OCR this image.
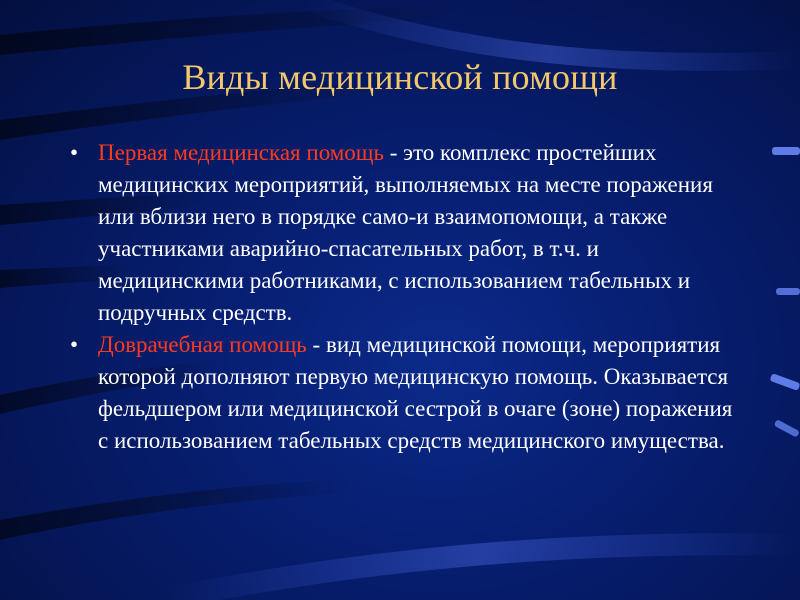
Виды медицинской помощи
• Первая медицинская помощь - это комплекс простейших медицинских мероприятий, выполняемых на месте поражения или вблизи него в порядке само-и взаимопомощи, а также участниками аварийно-спасательных работ, в т.ч. и медицинскими работниками, с использованием табельных и подручных средств.
• Доврачебная помощь - вид медицинской помощи, мероприятия которой дополняют первую медицинскую помощь. Оказывается фельдшером или медицинской сестрой в очаге (зоне) поражения с использованием табельных средств медицинского имущества.
